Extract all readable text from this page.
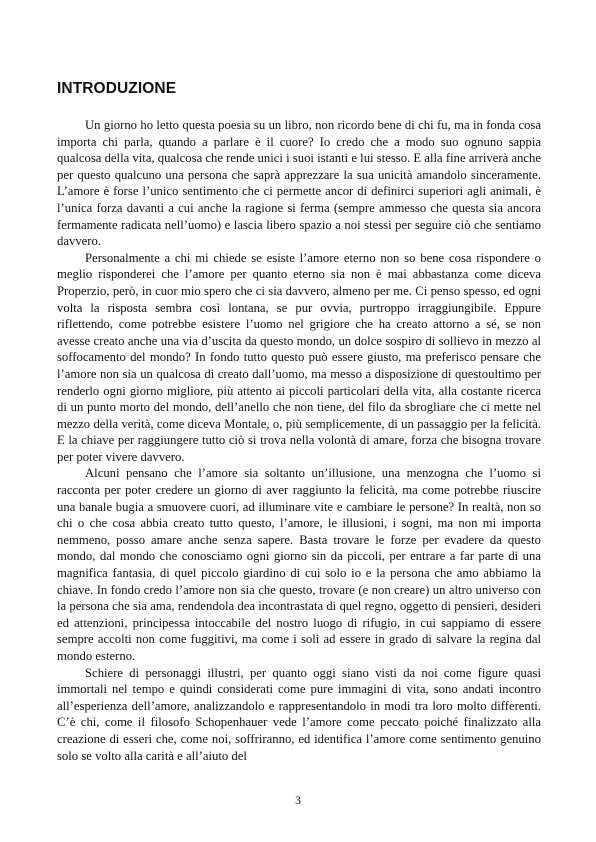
INTRODUZIONE

Un giorno ho letto questa poesia su un libro, non ricordo bene di chi fu, ma in fonda cosa importa chi parla, quando a parlare è il cuore? Io credo che a modo suo ognuno sappia qualcosa della vita, qualcosa che rende unici i suoi istanti e lui stesso. E alla fine arriverà anche per questo qualcuno una persona che saprà apprezzare la sua unicità amandolo sinceramente. L’amore è forse l’unico sentimento che ci permette ancor di definirci superiori agli animali, è l’unica forza davanti a cui anche la ragione si ferma (sempre ammesso che questa sia ancora fermamente radicata nell’uomo) e lascia libero spazio a noi stessi per seguire ciò che sentiamo davvero.

Personalmente a chi mi chiede se esiste l’amore eterno non so bene cosa rispondere o meglio risponderei che l’amore per quanto eterno sia non è mai abbastanza come diceva Properzio, però, in cuor mio spero che ci sia davvero, almeno per me. Ci penso spesso, ed ogni volta la risposta sembra così lontana, se pur ovvia, purtroppo irraggiungibile. Eppure riflettendo, come potrebbe esistere l’uomo nel grigiore che ha creato attorno a sé, se non avesse creato anche una via d’uscita da questo mondo, un dolce sospiro di sollievo in mezzo al soffocamento del mondo? In fondo tutto questo può essere giusto, ma preferisco pensare che l’amore non sia un qualcosa di creato dall’uomo, ma messo a disposizione di questoultimo per renderlo ogni giorno migliore, più attento ai piccoli particolari della vita, alla costante ricerca di un punto morto del mondo, dell’anello che non tiene, del filo da sbrogliare che ci mette nel mezzo della verità, come diceva Montale, o, più semplicemente, di un passaggio per la felicità. E la chiave per raggiungere tutto ciò si trova nella volontà di amare, forza che bisogna trovare per poter vivere davvero.

Alcuni pensano che l’amore sia soltanto un’illusione, una menzogna che l’uomo si racconta per poter credere un giorno di aver raggiunto la felicità, ma come potrebbe riuscire una banale bugia a smuovere cuori, ad illuminare vite e cambiare le persone? In realtà, non so chi o che cosa abbia creato tutto questo, l’amore, le illusioni, i sogni, ma non mi importa nemmeno, posso amare anche senza sapere. Basta trovare le forze per evadere da questo mondo, dal mondo che conosciamo ogni giorno sin da piccoli, per entrare a far parte di una magnifica fantasia, di quel piccolo giardino di cui solo io e la persona che amo abbiamo la chiave. In fondo credo l’amore non sia che questo, trovare (e non creare) un altro universo con la persona che sia ama, rendendola dea incontrastata di quel regno, oggetto di pensieri, desideri ed attenzioni, principessa intoccabile del nostro luogo di rifugio, in cui sappiamo di essere sempre accolti non come fuggitivi, ma come i soli ad essere in grado di salvare la regina dal mondo esterno.

Schiere di personaggi illustri, per quanto oggi siano visti da noi come figure quasi immortali nel tempo e quindi considerati come pure immagini di vita, sono andati incontro all’esperienza dell’amore, analizzandolo e rappresentandolo in modi tra loro molto differenti. C’è chi, come il filosofo Schopenhauer vede l’amore come peccato poiché finalizzato alla creazione di esseri che, come noi, soffriranno, ed identifica l’amore come sentimento genuino solo se volto alla carità e all’aiuto del

3
